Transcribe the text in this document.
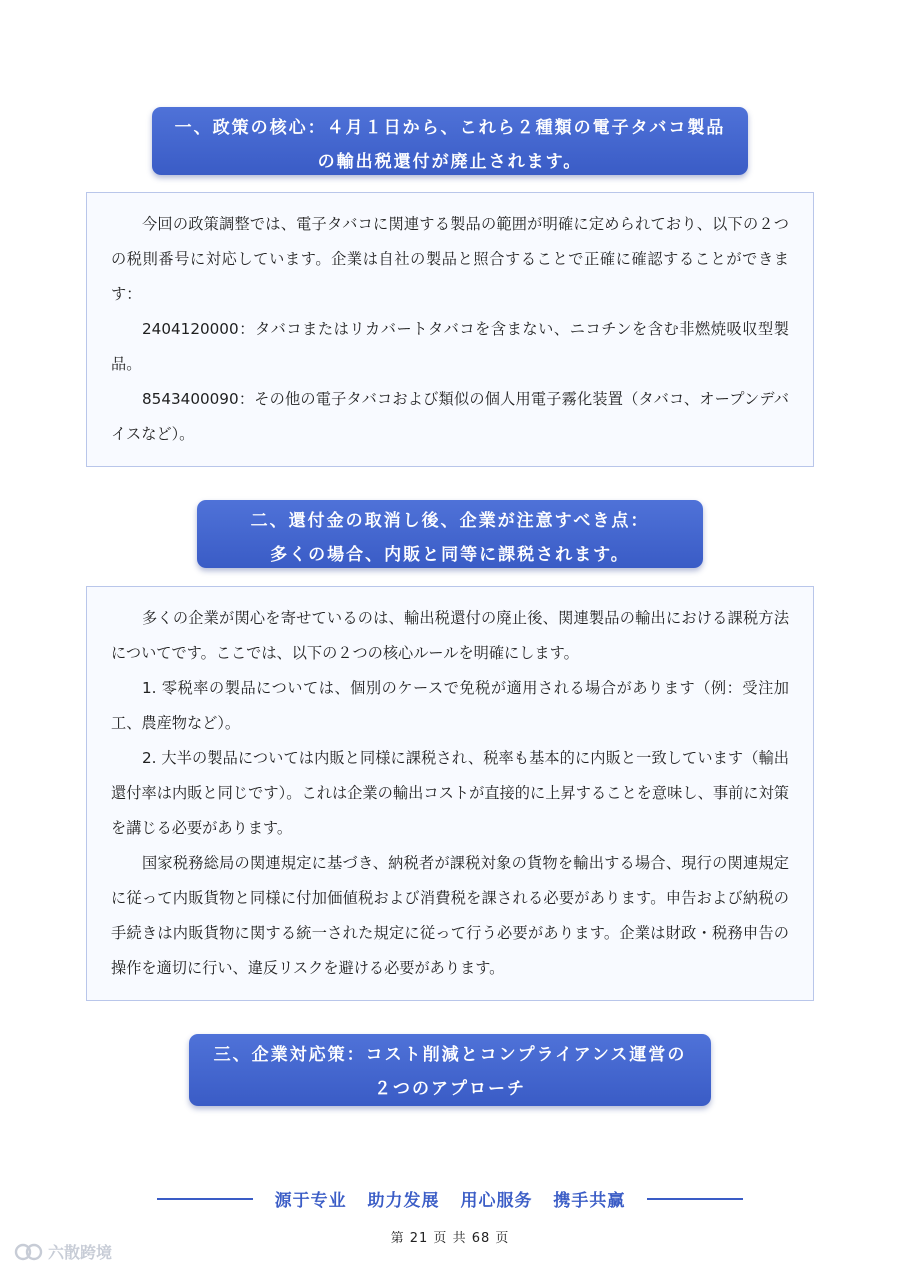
一、政策の核心：４月１日から、これら２種類の電子タバコ製品
の輸出税還付が廃止されます。

今回の政策調整では、電子タバコに関連する製品の範囲が明確に定められており、以下の２つの税則番号に対応しています。企業は自社の製品と照合することで正確に確認することができます：

2404120000：タバコまたはリカバートタバコを含まない、ニコチンを含む非燃焼吸収型製品。

8543400090：その他の電子タバコおよび類似の個人用電子霧化装置（タバコ、オープンデバイスなど）。

二、還付金の取消し後、企業が注意すべき点：
多くの場合、内販と同等に課税されます。

多くの企業が関心を寄せているのは、輸出税還付の廃止後、関連製品の輸出における課税方法についてです。ここでは、以下の２つの核心ルールを明確にします。

1. 零税率の製品については、個別のケースで免税が適用される場合があります（例：受注加工、農産物など）。

2. 大半の製品については内販と同様に課税され、税率も基本的に内販と一致しています（輸出還付率は内販と同じです）。これは企業の輸出コストが直接的に上昇することを意味し、事前に対策を講じる必要があります。

国家税務総局の関連規定に基づき、納税者が課税対象の貨物を輸出する場合、現行の関連規定に従って内販貨物と同様に付加価値税および消費税を課される必要があります。申告および納税の手続きは内販貨物に関する統一された規定に従って行う必要があります。企業は財政・税務申告の操作を適切に行い、違反リスクを避ける必要があります。

三、企業対応策：コスト削減とコンプライアンス運営の
２つのアプローチ
源于专业 助力发展 用心服务 携手共赢
第 21 页 共 68 页
六散跨境
